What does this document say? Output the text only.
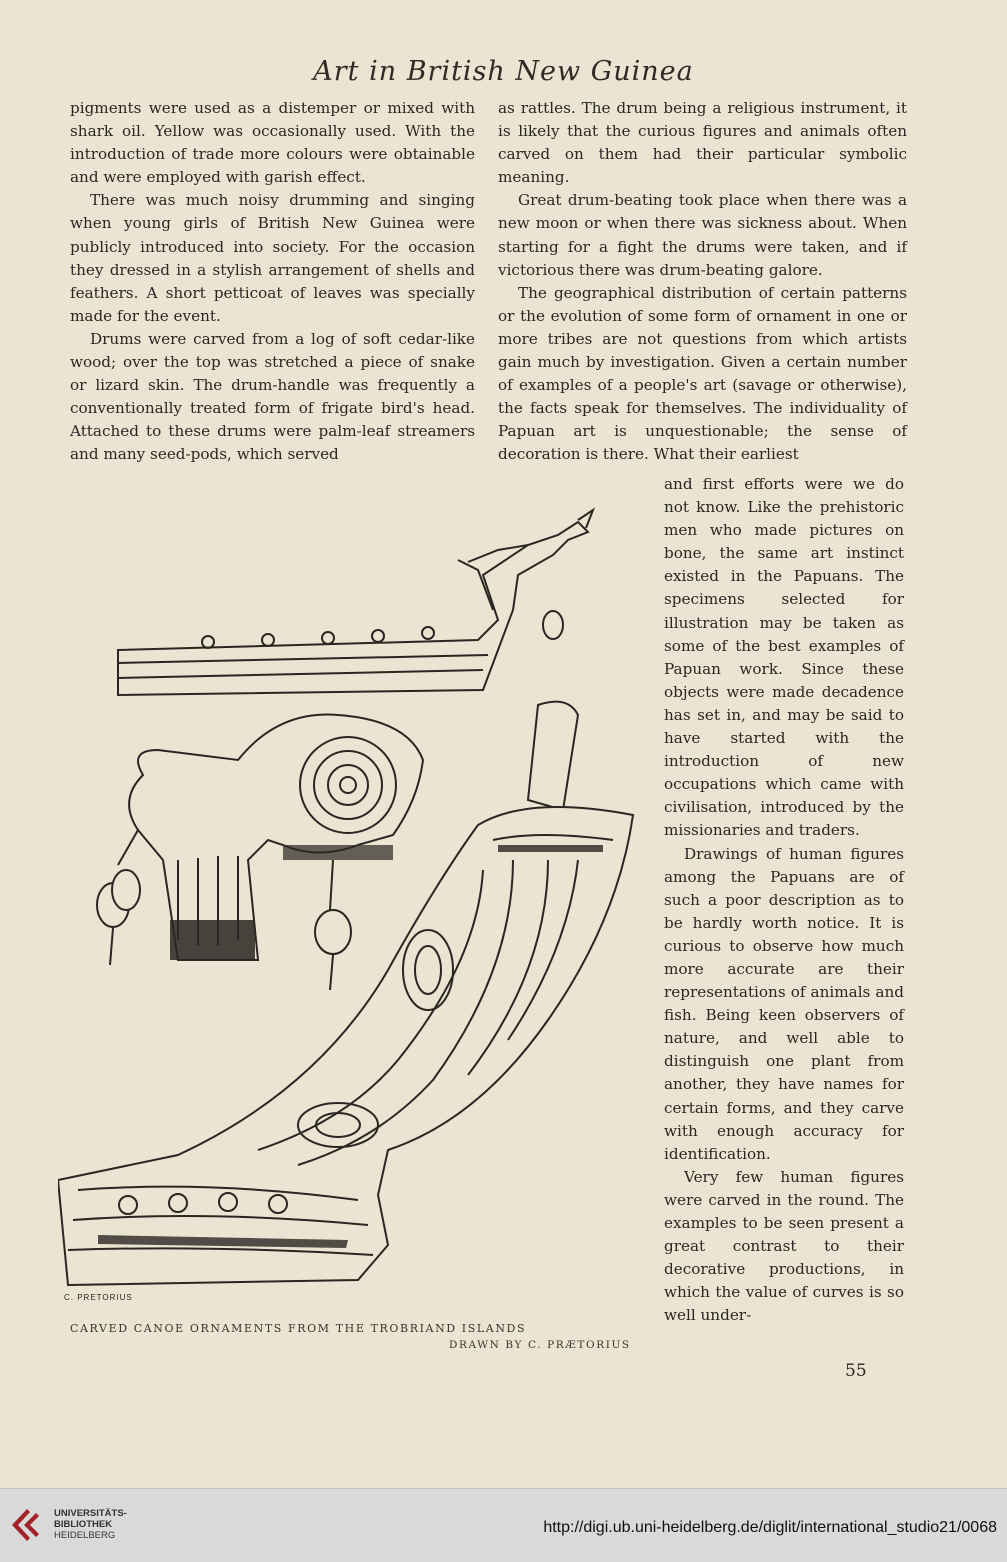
Art in British New Guinea

pigments were used as a distemper or mixed with shark oil. Yellow was occasionally used. With the introduction of trade more colours were obtainable and were employed with garish effect.

There was much noisy drumming and singing when young girls of British New Guinea were publicly introduced into society. For the occasion they dressed in a stylish arrangement of shells and feathers. A short petticoat of leaves was specially made for the event.

Drums were carved from a log of soft cedar-like wood; over the top was stretched a piece of snake or lizard skin. The drum-handle was frequently a conventionally treated form of frigate bird's head. Attached to these drums were palm-leaf streamers and many seed-pods, which served

as rattles. The drum being a religious instrument, it is likely that the curious figures and animals often carved on them had their particular symbolic meaning.

Great drum-beating took place when there was a new moon or when there was sickness about. When starting for a fight the drums were taken, and if victorious there was drum-beating galore.

The geographical distribution of certain patterns or the evolution of some form of ornament in one or more tribes are not questions from which artists gain much by investigation. Given a certain number of examples of a people's art (savage or otherwise), the facts speak for themselves. The individuality of Papuan art is unquestionable; the sense of decoration is there. What their earliest

and first efforts were we do not know. Like the prehistoric men who made pictures on bone, the same art instinct existed in the Papuans. The specimens selected for illustration may be taken as some of the best examples of Papuan work. Since these objects were made decadence has set in, and may be said to have started with the introduction of new occupations which came with civilisation, introduced by the missionaries and traders.

Drawings of human figures among the Papuans are of such a poor description as to be hardly worth notice. It is curious to observe how much more accurate are their representations of animals and fish. Being keen observers of nature, and well able to distinguish one plant from another, they have names for certain forms, and they carve with enough accuracy for identification.

Very few human figures were carved in the round. The examples to be seen present a great contrast to their decorative productions, in which the value of curves is so well under-

C. PRETORIUS
CARVED CANOE ORNAMENTS FROM THE TROBRIAND ISLANDS
DRAWN BY C. PRÆTORIUS
55
UNIVERSITÄTS-
BIBLIOTHEK
HEIDELBERG	http://digi.ub.uni-heidelberg.de/diglit/international_studio21/0068
